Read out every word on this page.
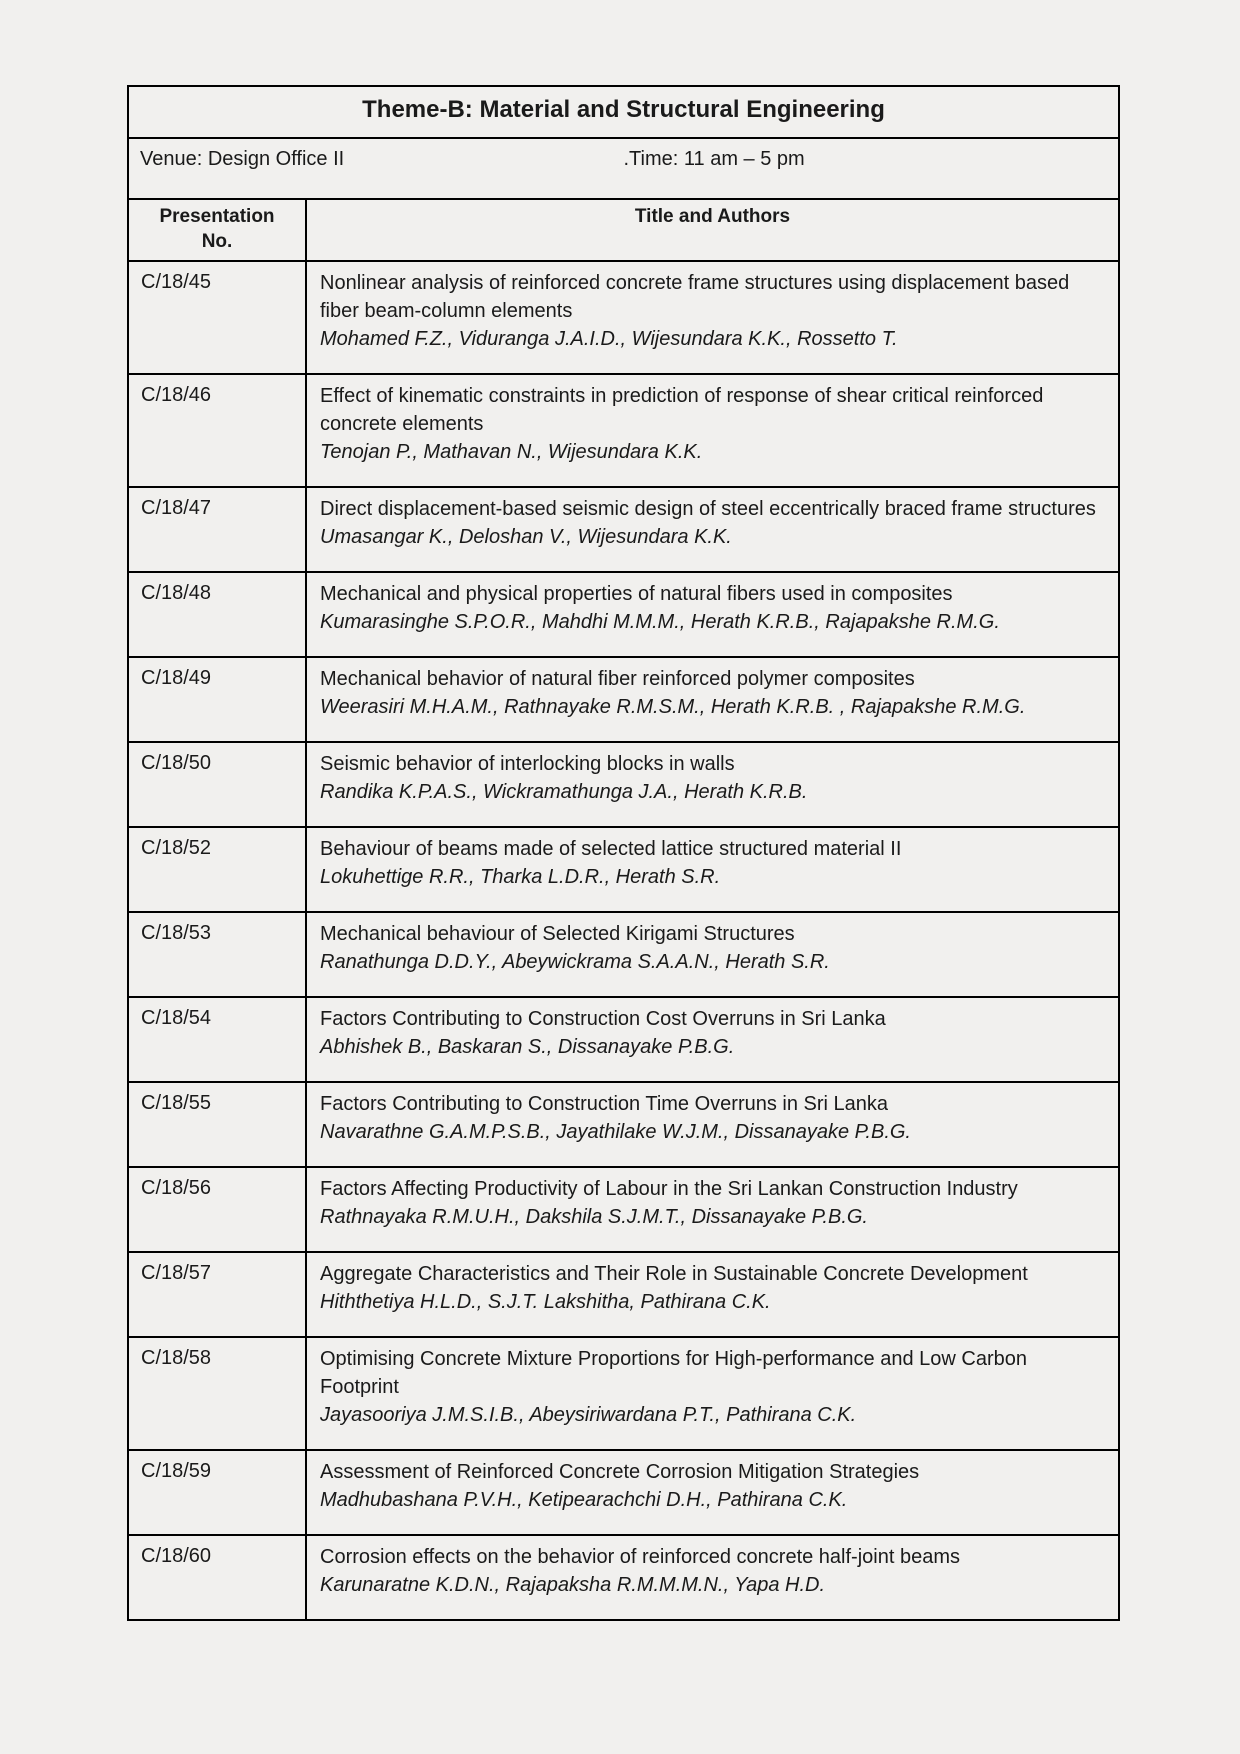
Theme-B: Material and Structural Engineering	
Venue: Design Office II .Time: 11 am – 5 pm	

Presentation No.	Title and Authors

C/18/45	Nonlinear analysis of reinforced concrete frame structures using displacement based fiber beam-column elements
Mohamed F.Z., Viduranga J.A.I.D., Wijesundara K.K., Rossetto T.

C/18/46	Effect of kinematic constraints in prediction of response of shear critical reinforced concrete elements
Tenojan P., Mathavan N., Wijesundara K.K.

C/18/47	Direct displacement-based seismic design of steel eccentrically braced frame structures
Umasangar K., Deloshan V., Wijesundara K.K.

C/18/48	Mechanical and physical properties of natural fibers used in composites
Kumarasinghe S.P.O.R., Mahdhi M.M.M., Herath K.R.B., Rajapakshe R.M.G.

C/18/49	Mechanical behavior of natural fiber reinforced polymer composites
Weerasiri M.H.A.M., Rathnayake R.M.S.M., Herath K.R.B. , Rajapakshe R.M.G.

C/18/50	Seismic behavior of interlocking blocks in walls
Randika K.P.A.S., Wickramathunga J.A., Herath K.R.B.

C/18/52	Behaviour of beams made of selected lattice structured material II
Lokuhettige R.R., Tharka L.D.R., Herath S.R.

C/18/53	Mechanical behaviour of Selected Kirigami Structures
Ranathunga D.D.Y., Abeywickrama S.A.A.N., Herath S.R.

C/18/54	Factors Contributing to Construction Cost Overruns in Sri Lanka
Abhishek B., Baskaran S., Dissanayake P.B.G.

C/18/55	Factors Contributing to Construction Time Overruns in Sri Lanka
Navarathne G.A.M.P.S.B., Jayathilake W.J.M., Dissanayake P.B.G.

C/18/56	Factors Affecting Productivity of Labour in the Sri Lankan Construction Industry
Rathnayaka R.M.U.H., Dakshila S.J.M.T., Dissanayake P.B.G.

C/18/57	Aggregate Characteristics and Their Role in Sustainable Concrete Development
Hiththetiya H.L.D., S.J.T. Lakshitha, Pathirana C.K.

C/18/58	Optimising Concrete Mixture Proportions for High-performance and Low Carbon Footprint
Jayasooriya J.M.S.I.B., Abeysiriwardana P.T., Pathirana C.K.

C/18/59	Assessment of Reinforced Concrete Corrosion Mitigation Strategies
Madhubashana P.V.H., Ketipearachchi D.H., Pathirana C.K.

C/18/60	Corrosion effects on the behavior of reinforced concrete half-joint beams
Karunaratne K.D.N., Rajapaksha R.M.M.M.N., Yapa H.D.
